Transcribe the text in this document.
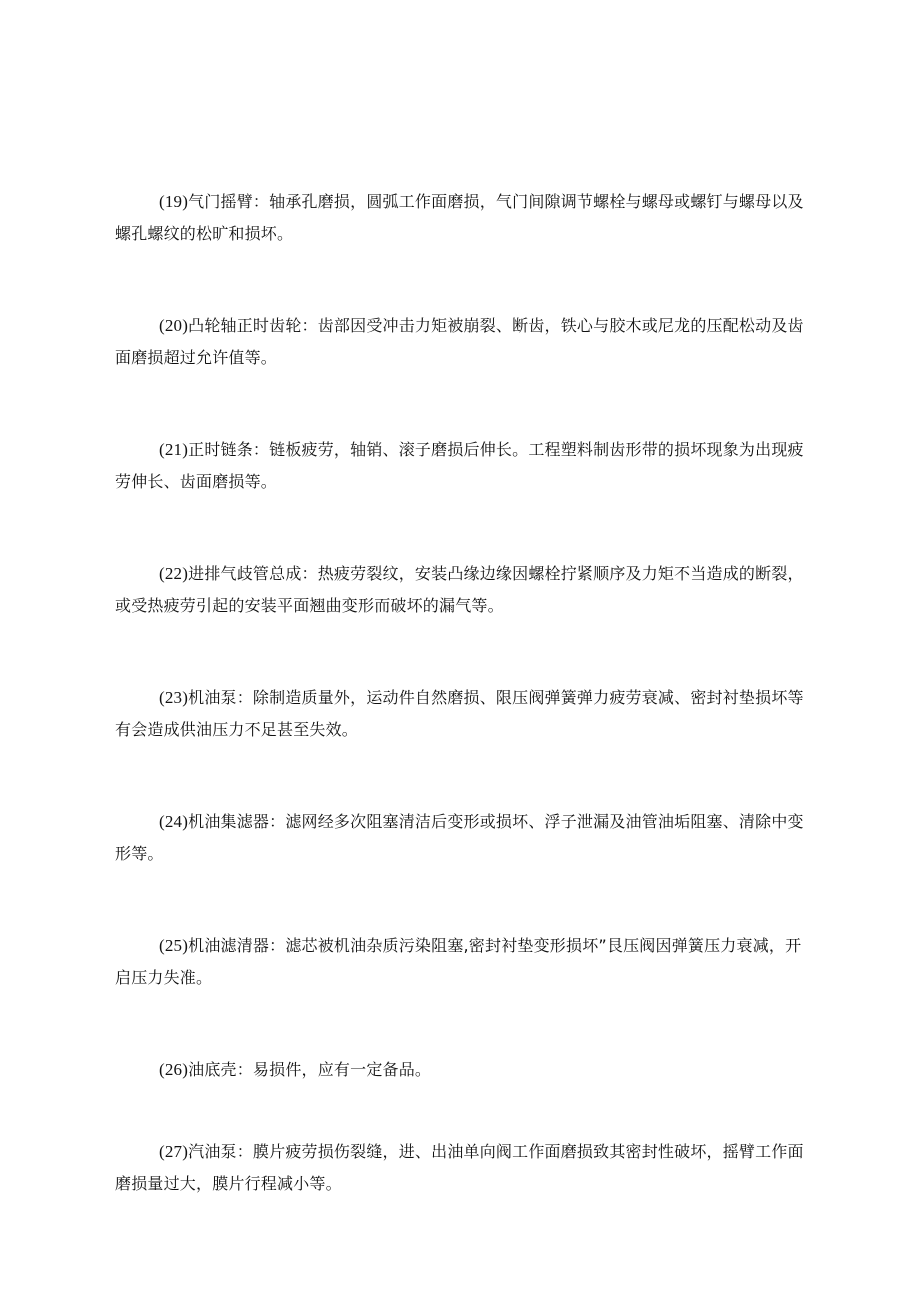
(19)气门摇臂：轴承孔磨损，圆弧工作面磨损，气门间隙调节螺栓与螺母或螺钉与螺母以及螺孔螺纹的松旷和损坏。

(20)凸轮轴正时齿轮：齿部因受冲击力矩被崩裂、断齿，铁心与胶木或尼龙的压配松动及齿面磨损超过允许值等。

(21)正时链条：链板疲劳，轴销、滚子磨损后伸长。工程塑料制齿形带的损坏现象为出现疲劳伸长、齿面磨损等。

(22)进排气歧管总成：热疲劳裂纹，安装凸缘边缘因螺栓拧紧顺序及力矩不当造成的断裂，或受热疲劳引起的安装平面翘曲变形而破坏的漏气等。

(23)机油泵：除制造质量外，运动件自然磨损、限压阀弹簧弹力疲劳衰减、密封衬垫损坏等有会造成供油压力不足甚至失效。

(24)机油集滤器：滤网经多次阻塞清洁后变形或损坏、浮子泄漏及油管油垢阻塞、清除中变形等。

(25)机油滤清器：滤芯被机油杂质污染阻塞,密封衬垫变形损坏”艮压阀因弹簧压力衰减，开启压力失准。

(26)油底壳：易损件，应有一定备品。

(27)汽油泵：膜片疲劳损伤裂缝，进、出油单向阀工作面磨损致其密封性破坏，摇臂工作面磨损量过大，膜片行程减小等。
